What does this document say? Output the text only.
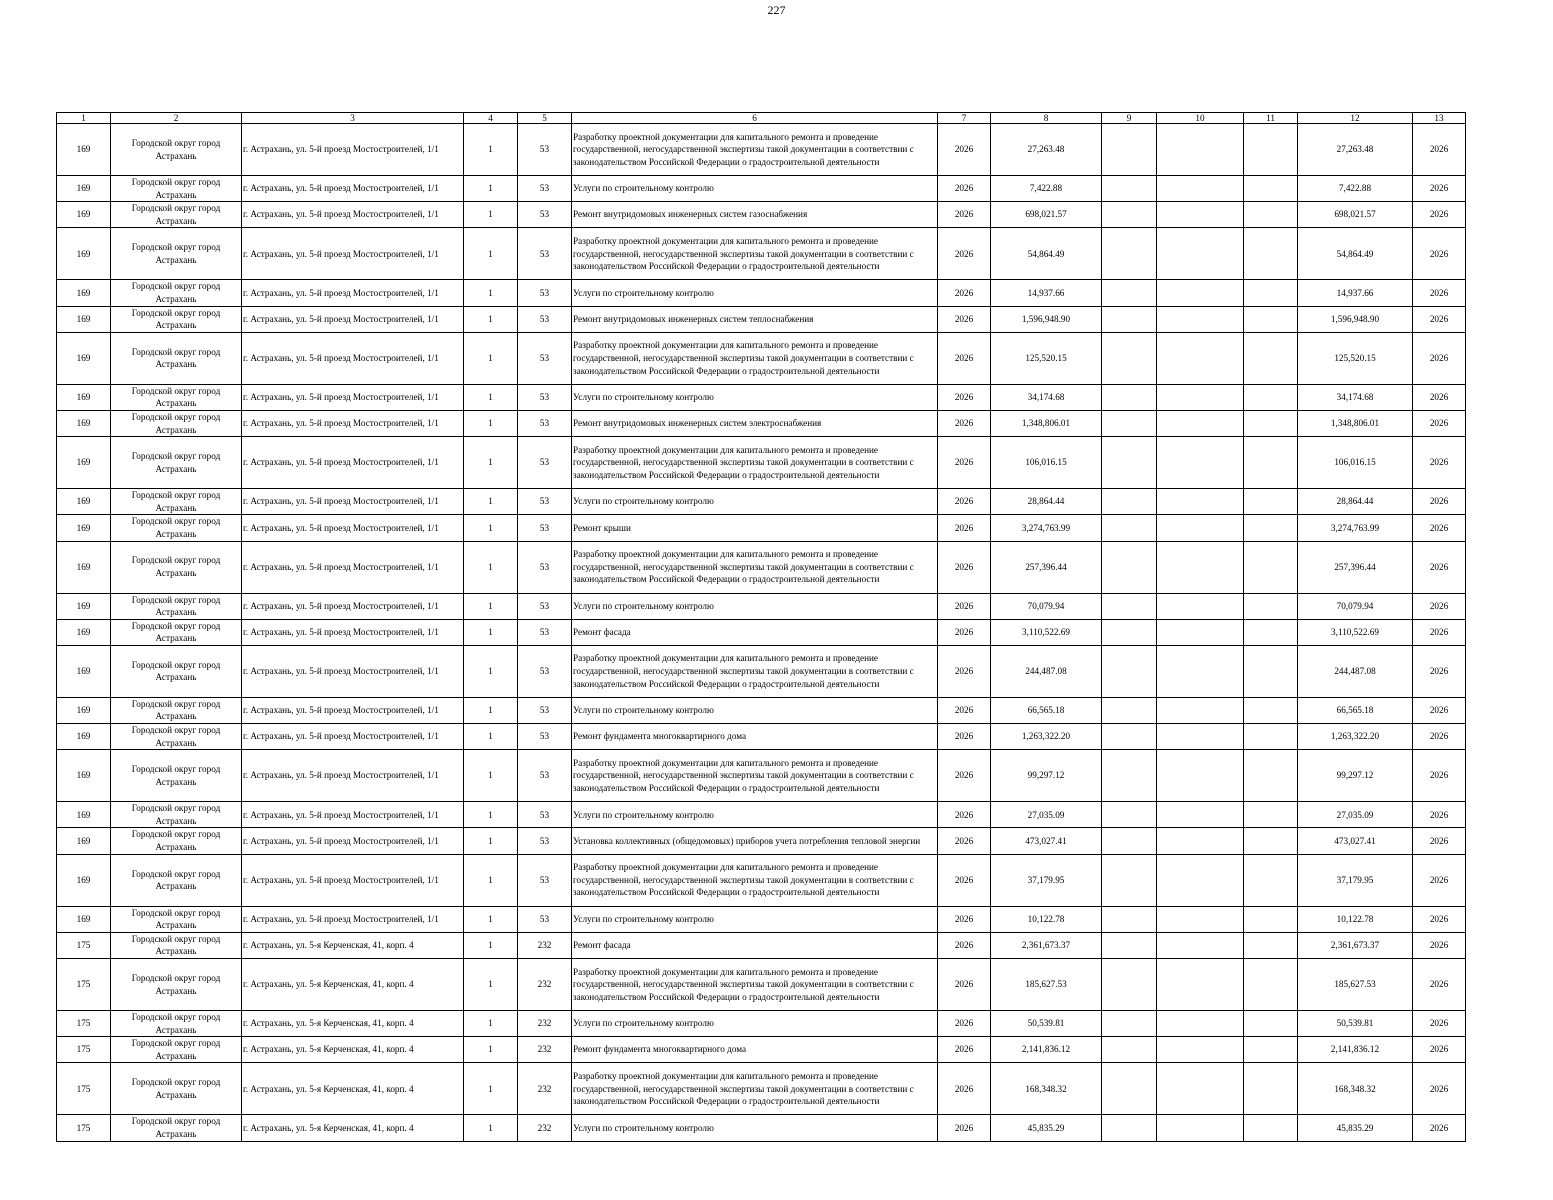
227
1	2	3	4	5	6	7	8	9	10	11	12	13
169	Городской округ город Астрахань	г. Астрахань, ул. 5-й проезд Мостостроителей, 1/1	1	53	Разработку проектной документации для капитального ремонта и проведение государственной, негосударственной экспертизы такой документации в соответствии с законодательством Российской Федерации о градостроительной деятельности	2026	27,263.48				27,263.48	2026
169	Городской округ город Астрахань	г. Астрахань, ул. 5-й проезд Мостостроителей, 1/1	1	53	Услуги по строительному контролю	2026	7,422.88				7,422.88	2026
169	Городской округ город Астрахань	г. Астрахань, ул. 5-й проезд Мостостроителей, 1/1	1	53	Ремонт внутридомовых инженерных систем газоснабжения	2026	698,021.57				698,021.57	2026
169	Городской округ город Астрахань	г. Астрахань, ул. 5-й проезд Мостостроителей, 1/1	1	53	Разработку проектной документации для капитального ремонта и проведение государственной, негосударственной экспертизы такой документации в соответствии с законодательством Российской Федерации о градостроительной деятельности	2026	54,864.49				54,864.49	2026
169	Городской округ город Астрахань	г. Астрахань, ул. 5-й проезд Мостостроителей, 1/1	1	53	Услуги по строительному контролю	2026	14,937.66				14,937.66	2026
169	Городской округ город Астрахань	г. Астрахань, ул. 5-й проезд Мостостроителей, 1/1	1	53	Ремонт внутридомовых инженерных систем теплоснабжения	2026	1,596,948.90				1,596,948.90	2026
169	Городской округ город Астрахань	г. Астрахань, ул. 5-й проезд Мостостроителей, 1/1	1	53	Разработку проектной документации для капитального ремонта и проведение государственной, негосударственной экспертизы такой документации в соответствии с законодательством Российской Федерации о градостроительной деятельности	2026	125,520.15				125,520.15	2026
169	Городской округ город Астрахань	г. Астрахань, ул. 5-й проезд Мостостроителей, 1/1	1	53	Услуги по строительному контролю	2026	34,174.68				34,174.68	2026
169	Городской округ город Астрахань	г. Астрахань, ул. 5-й проезд Мостостроителей, 1/1	1	53	Ремонт внутридомовых инженерных систем электроснабжения	2026	1,348,806.01				1,348,806.01	2026
169	Городской округ город Астрахань	г. Астрахань, ул. 5-й проезд Мостостроителей, 1/1	1	53	Разработку проектной документации для капитального ремонта и проведение государственной, негосударственной экспертизы такой документации в соответствии с законодательством Российской Федерации о градостроительной деятельности	2026	106,016.15				106,016.15	2026
169	Городской округ город Астрахань	г. Астрахань, ул. 5-й проезд Мостостроителей, 1/1	1	53	Услуги по строительному контролю	2026	28,864.44				28,864.44	2026
169	Городской округ город Астрахань	г. Астрахань, ул. 5-й проезд Мостостроителей, 1/1	1	53	Ремонт крыши	2026	3,274,763.99				3,274,763.99	2026
169	Городской округ город Астрахань	г. Астрахань, ул. 5-й проезд Мостостроителей, 1/1	1	53	Разработку проектной документации для капитального ремонта и проведение государственной, негосударственной экспертизы такой документации в соответствии с законодательством Российской Федерации о градостроительной деятельности	2026	257,396.44				257,396.44	2026
169	Городской округ город Астрахань	г. Астрахань, ул. 5-й проезд Мостостроителей, 1/1	1	53	Услуги по строительному контролю	2026	70,079.94				70,079.94	2026
169	Городской округ город Астрахань	г. Астрахань, ул. 5-й проезд Мостостроителей, 1/1	1	53	Ремонт фасада	2026	3,110,522.69				3,110,522.69	2026
169	Городской округ город Астрахань	г. Астрахань, ул. 5-й проезд Мостостроителей, 1/1	1	53	Разработку проектной документации для капитального ремонта и проведение государственной, негосударственной экспертизы такой документации в соответствии с законодательством Российской Федерации о градостроительной деятельности	2026	244,487.08				244,487.08	2026
169	Городской округ город Астрахань	г. Астрахань, ул. 5-й проезд Мостостроителей, 1/1	1	53	Услуги по строительному контролю	2026	66,565.18				66,565.18	2026
169	Городской округ город Астрахань	г. Астрахань, ул. 5-й проезд Мостостроителей, 1/1	1	53	Ремонт фундамента многоквартирного дома	2026	1,263,322.20				1,263,322.20	2026
169	Городской округ город Астрахань	г. Астрахань, ул. 5-й проезд Мостостроителей, 1/1	1	53	Разработку проектной документации для капитального ремонта и проведение государственной, негосударственной экспертизы такой документации в соответствии с законодательством Российской Федерации о градостроительной деятельности	2026	99,297.12				99,297.12	2026
169	Городской округ город Астрахань	г. Астрахань, ул. 5-й проезд Мостостроителей, 1/1	1	53	Услуги по строительному контролю	2026	27,035.09				27,035.09	2026
169	Городской округ город Астрахань	г. Астрахань, ул. 5-й проезд Мостостроителей, 1/1	1	53	Установка коллективных (общедомовых) приборов учета потребления тепловой энергии	2026	473,027.41				473,027.41	2026
169	Городской округ город Астрахань	г. Астрахань, ул. 5-й проезд Мостостроителей, 1/1	1	53	Разработку проектной документации для капитального ремонта и проведение государственной, негосударственной экспертизы такой документации в соответствии с законодательством Российской Федерации о градостроительной деятельности	2026	37,179.95				37,179.95	2026
169	Городской округ город Астрахань	г. Астрахань, ул. 5-й проезд Мостостроителей, 1/1	1	53	Услуги по строительному контролю	2026	10,122.78				10,122.78	2026
175	Городской округ город Астрахань	г. Астрахань, ул. 5-я Керченская, 41, корп. 4	1	232	Ремонт фасада	2026	2,361,673.37				2,361,673.37	2026
175	Городской округ город Астрахань	г. Астрахань, ул. 5-я Керченская, 41, корп. 4	1	232	Разработку проектной документации для капитального ремонта и проведение государственной, негосударственной экспертизы такой документации в соответствии с законодательством Российской Федерации о градостроительной деятельности	2026	185,627.53				185,627.53	2026
175	Городской округ город Астрахань	г. Астрахань, ул. 5-я Керченская, 41, корп. 4	1	232	Услуги по строительному контролю	2026	50,539.81				50,539.81	2026
175	Городской округ город Астрахань	г. Астрахань, ул. 5-я Керченская, 41, корп. 4	1	232	Ремонт фундамента многоквартирного дома	2026	2,141,836.12				2,141,836.12	2026
175	Городской округ город Астрахань	г. Астрахань, ул. 5-я Керченская, 41, корп. 4	1	232	Разработку проектной документации для капитального ремонта и проведение государственной, негосударственной экспертизы такой документации в соответствии с законодательством Российской Федерации о градостроительной деятельности	2026	168,348.32				168,348.32	2026
175	Городской округ город Астрахань	г. Астрахань, ул. 5-я Керченская, 41, корп. 4	1	232	Услуги по строительному контролю	2026	45,835.29				45,835.29	2026
